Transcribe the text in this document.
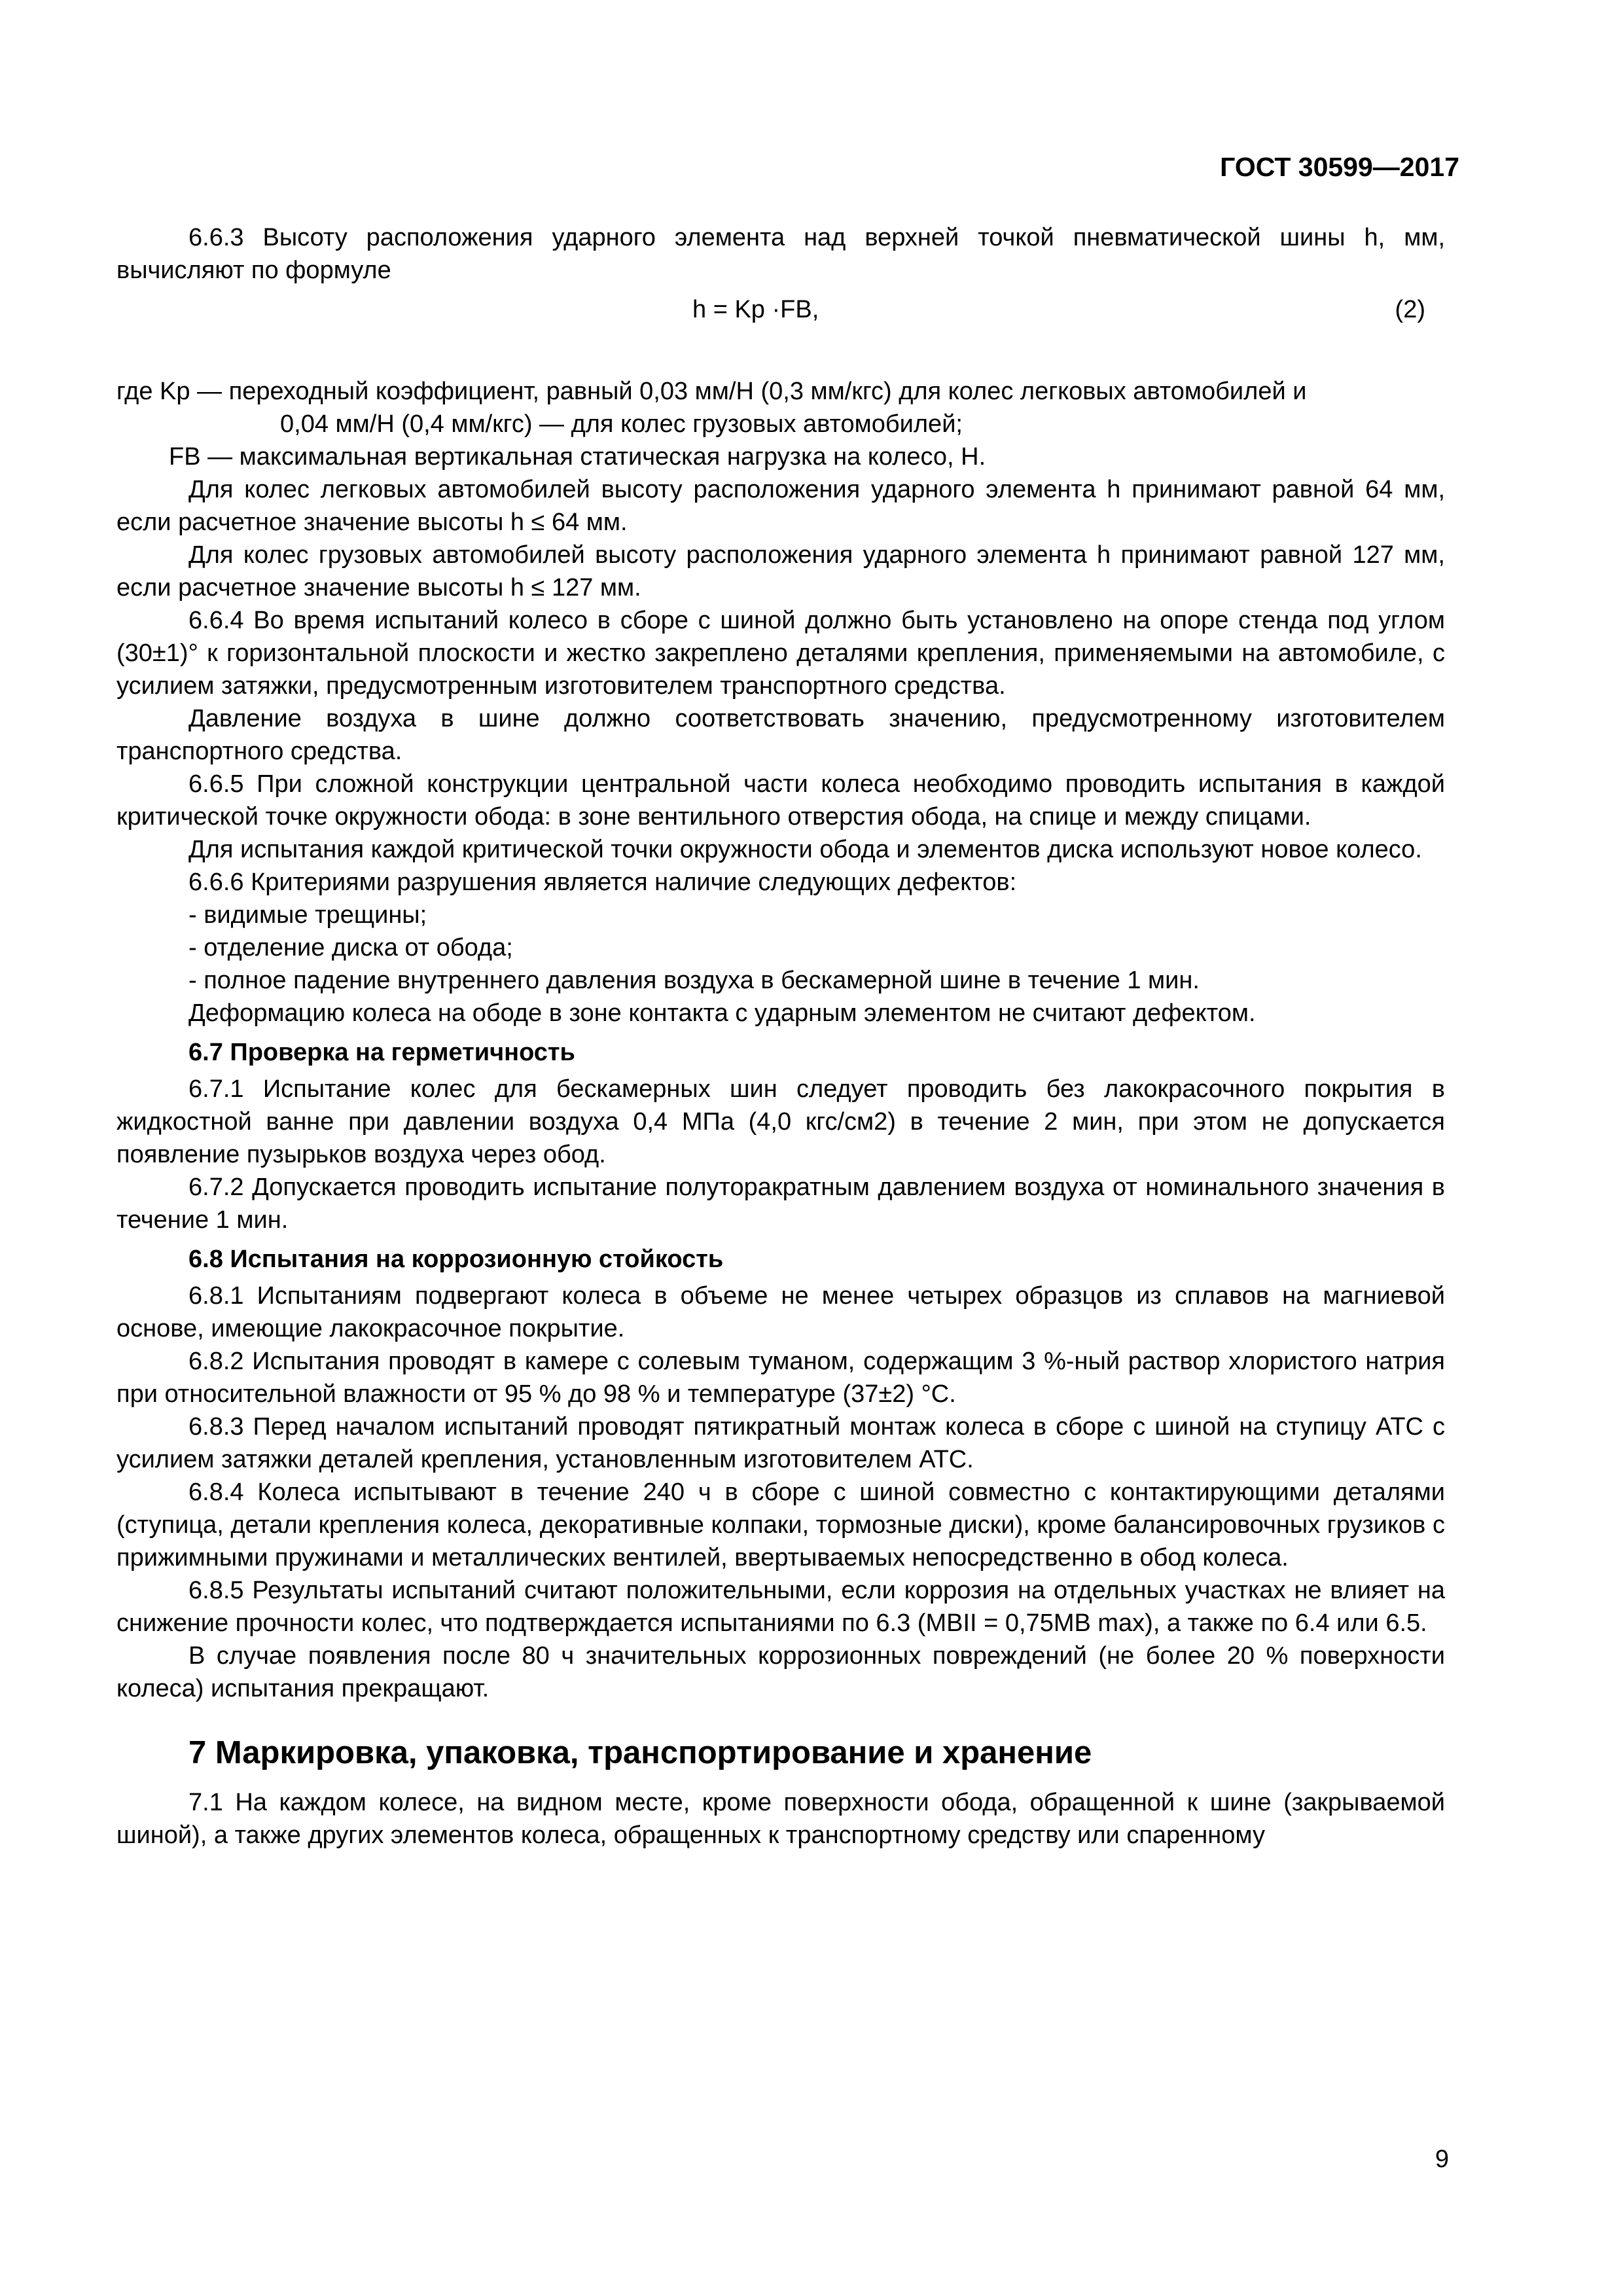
ГОСТ 30599—2017

6.6.3 Высоту расположения ударного элемента над верхней точкой пневматической шины h, мм, вычисляют по формуле

h = Kp ·FB,	(2)

где Kp — переходный коэффициент, равный 0,03 мм/Н (0,3 мм/кгс) для колес легковых автомобилей и

0,04 мм/Н (0,4 мм/кгс) — для колес грузовых автомобилей;

FB — максимальная вертикальная статическая нагрузка на колесо, Н.

Для колес легковых автомобилей высоту расположения ударного элемента h принимают равной 64 мм, если расчетное значение высоты h ≤ 64 мм.

Для колес грузовых автомобилей высоту расположения ударного элемента h принимают равной 127 мм, если расчетное значение высоты h ≤ 127 мм.

6.6.4 Во время испытаний колесо в сборе с шиной должно быть установлено на опоре стенда под углом (30±1)° к горизонтальной плоскости и жестко закреплено деталями крепления, применяемыми на автомобиле, с усилием затяжки, предусмотренным изготовителем транспортного средства.

Давление воздуха в шине должно соответствовать значению, предусмотренному изготовителем транспортного средства.

6.6.5 При сложной конструкции центральной части колеса необходимо проводить испытания в каждой критической точке окружности обода: в зоне вентильного отверстия обода, на спице и между спицами.

Для испытания каждой критической точки окружности обода и элементов диска используют новое колесо.

6.6.6 Критериями разрушения является наличие следующих дефектов:

- видимые трещины;

- отделение диска от обода;

- полное падение внутреннего давления воздуха в бескамерной шине в течение 1 мин.

Деформацию колеса на ободе в зоне контакта с ударным элементом не считают дефектом.

6.7 Проверка на герметичность

6.7.1 Испытание колес для бескамерных шин следует проводить без лакокрасочного покрытия в жидкостной ванне при давлении воздуха 0,4 МПа (4,0 кгс/см2) в течение 2 мин, при этом не допускается появление пузырьков воздуха через обод.

6.7.2 Допускается проводить испытание полуторакратным давлением воздуха от номинального значения в течение 1 мин.

6.8 Испытания на коррозионную стойкость

6.8.1 Испытаниям подвергают колеса в объеме не менее четырех образцов из сплавов на магниевой основе, имеющие лакокрасочное покрытие.

6.8.2 Испытания проводят в камере с солевым туманом, содержащим 3 %-ный раствор хлористого натрия при относительной влажности от 95 % до 98 % и температуре (37±2) °С.

6.8.3 Перед началом испытаний проводят пятикратный монтаж колеса в сборе с шиной на ступицу АТС с усилием затяжки деталей крепления, установленным изготовителем АТС.

6.8.4 Колеса испытывают в течение 240 ч в сборе с шиной совместно с контактирующими деталями (ступица, детали крепления колеса, декоративные колпаки, тормозные диски), кроме балансировочных грузиков с прижимными пружинами и металлических вентилей, ввертываемых непосредственно в обод колеса.

6.8.5 Результаты испытаний считают положительными, если коррозия на отдельных участках не влияет на снижение прочности колес, что подтверждается испытаниями по 6.3 (MBII = 0,75MB max), а также по 6.4 или 6.5.

В случае появления после 80 ч значительных коррозионных повреждений (не более 20 % поверхности колеса) испытания прекращают.

7 Маркировка, упаковка, транспортирование и хранение

7.1 На каждом колесе, на видном месте, кроме поверхности обода, обращенной к шине (закрываемой шиной), а также других элементов колеса, обращенных к транспортному средству или спаренному

9
